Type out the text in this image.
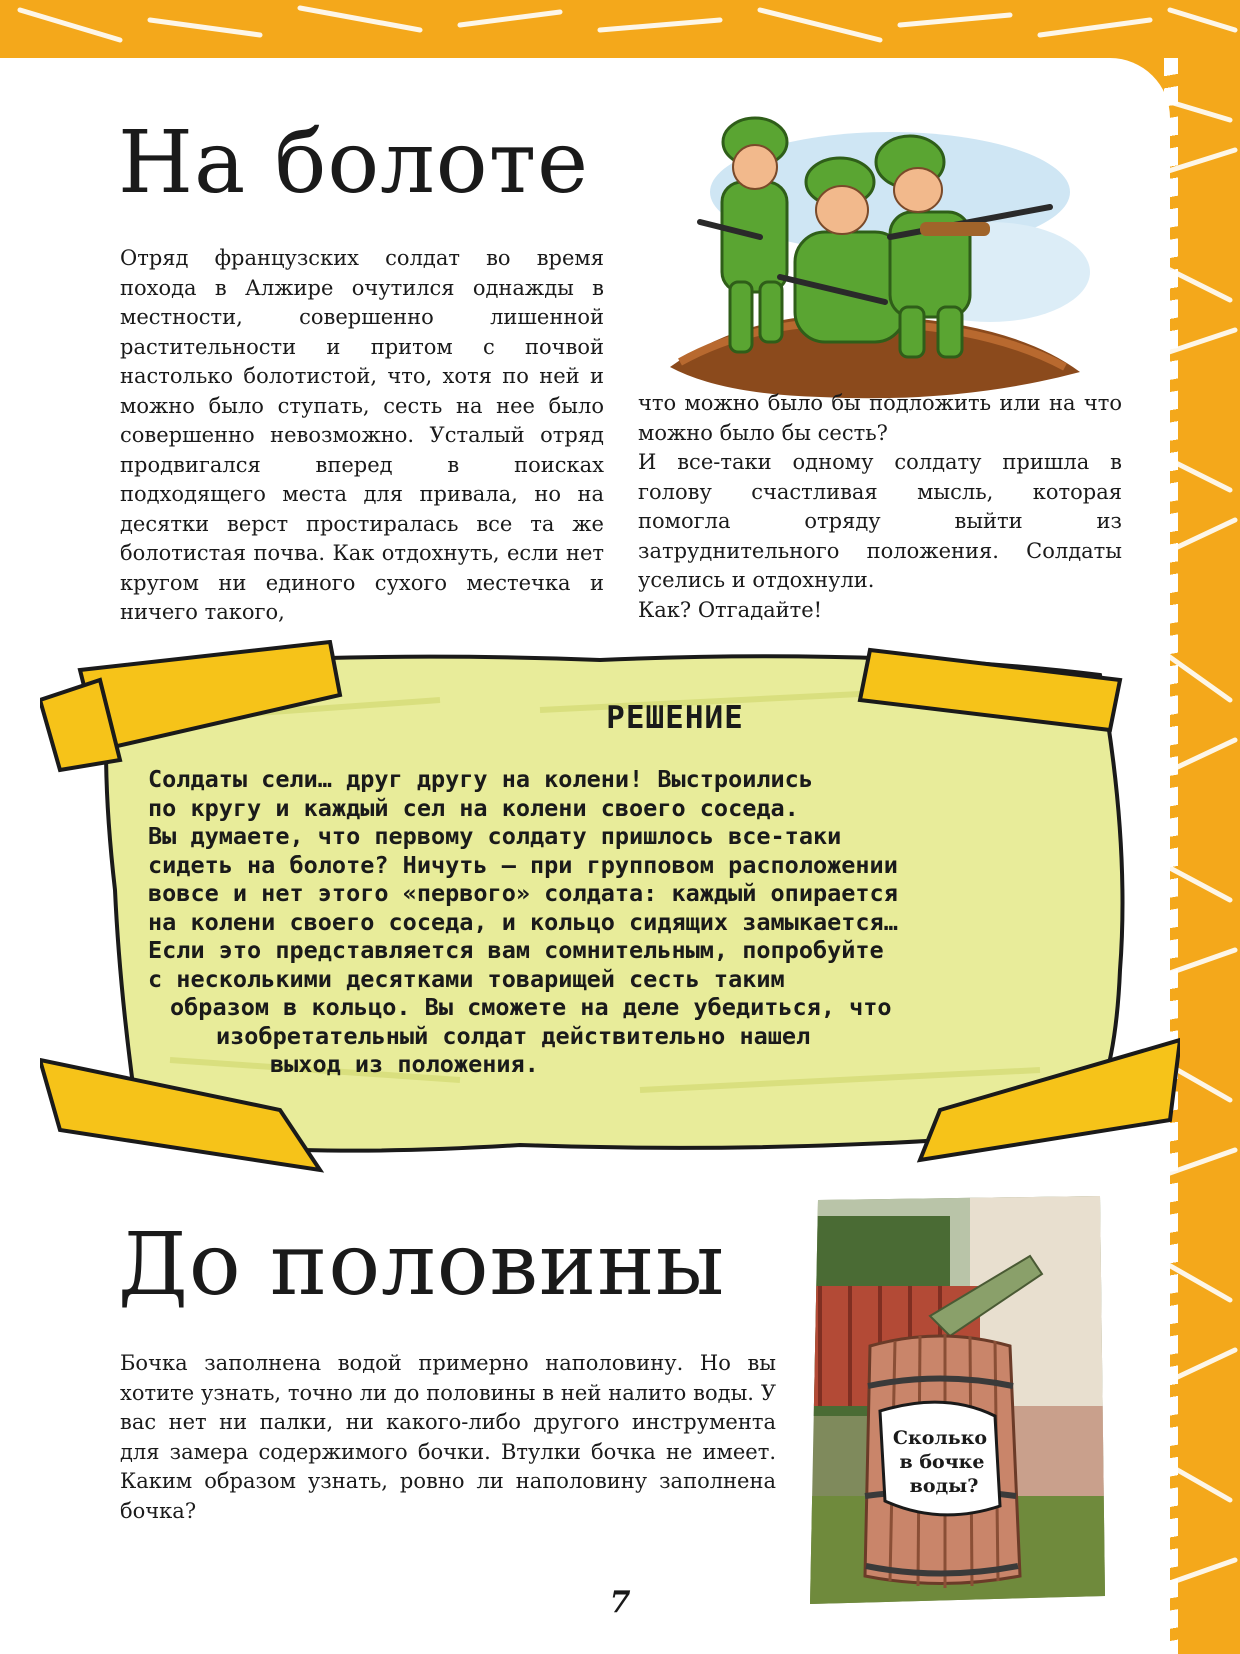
На болоте

Отряд французских солдат во время похода в Алжире очутился однажды в местности, совершенно лишенной растительности и притом с почвой настолько болотистой, что, хотя по ней и можно было ступать, сесть на нее было совершенно невозможно. Усталый отряд продвигался вперед в поисках подходящего места для привала, но на десятки верст простиралась все та же болотистая почва. Как отдохнуть, если нет кругом ни единого сухого местечка и ничего такого,

что можно было бы подложить или на что можно было бы сесть?

И все-таки одному солдату пришла в голову счастливая мысль, которая помогла отряду выйти из затруднительного положения. Солдаты уселись и отдохнули.

Как? Отгадайте!

РЕШЕНИЕ
Солдаты сели… друг другу на колени! Выстроились
по кругу и каждый сел на колени своего соседа.
Вы думаете, что первому солдату пришлось все-таки
сидеть на болоте? Ничуть — при групповом расположении
вовсе и нет этого «первого» солдата: каждый опирается
на колени своего соседа, и кольцо сидящих замыкается…
Если это представляется вам сомнительным, попробуйте
с несколькими десятками товарищей сесть таким
образом в кольцо. Вы сможете на деле убедиться, что
изобретательный солдат действительно нашел
выход из положения.
До половины

Бочка заполнена водой примерно наполовину. Но вы хотите узнать, точно ли до половины в ней налито воды. У вас нет ни палки, ни какого-либо другого инструмента для замера содержимого бочки. Втулки бочка не имеет. Каким образом узнать, ровно ли наполовину заполнена бочка?

Сколько
в бочке
воды?
7
